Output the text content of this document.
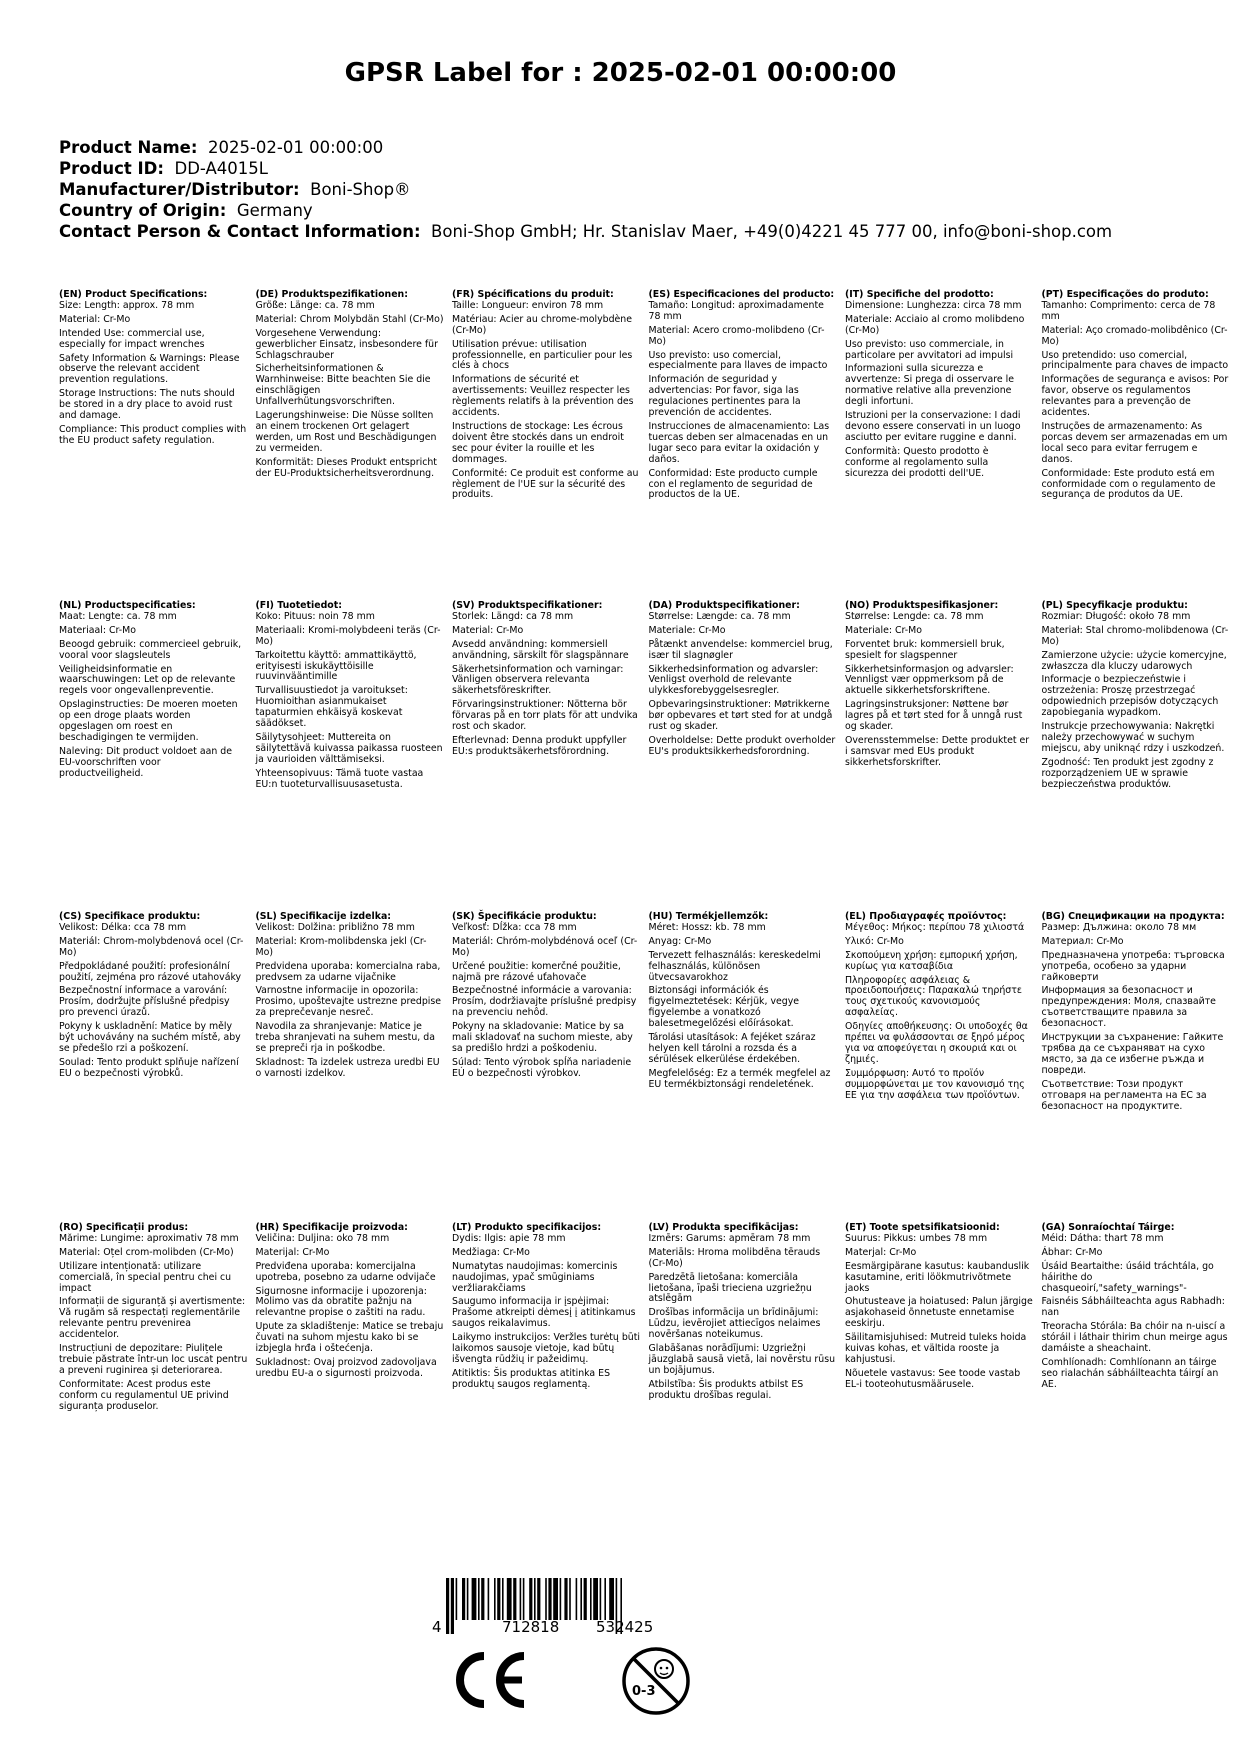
GPSR Label for : 2025-02-01 00:00:00
Product Name: 2025-02-01 00:00:00
Product ID: DD-A4015L
Manufacturer/Distributor: Boni-Shop®
Country of Origin: Germany
Contact Person & Contact Information: Boni-Shop GmbH; Hr. Stanislav Maer, +49(0)4221 45 777 00, info@boni-shop.com
(EN) Product Specifications:

Size: Length: approx. 78 mm

Material: Cr-Mo

Intended Use: commercial use, especially for impact wrenches

Safety Information & Warnings: Please observe the relevant accident prevention regulations.

Storage Instructions: The nuts should be stored in a dry place to avoid rust and damage.

Compliance: This product complies with the EU product safety regulation.

(DE) Produktspezifikationen:

Größe: Länge: ca. 78 mm

Material: Chrom Molybdän Stahl (Cr-Mo)

Vorgesehene Verwendung: gewerblicher Einsatz, insbesondere für Schlagschrauber

Sicherheitsinformationen & Warnhinweise: Bitte beachten Sie die einschlägigen Unfallverhütungsvorschriften.

Lagerungshinweise: Die Nüsse sollten an einem trockenen Ort gelagert werden, um Rost und Beschädigungen zu vermeiden.

Konformität: Dieses Produkt entspricht der EU-Produktsicherheitsverordnung.

(FR) Spécifications du produit:

Taille: Longueur: environ 78 mm

Matériau: Acier au chrome-molybdène (Cr-Mo)

Utilisation prévue: utilisation professionnelle, en particulier pour les clés à chocs

Informations de sécurité et avertissements: Veuillez respecter les règlements relatifs à la prévention des accidents.

Instructions de stockage: Les écrous doivent être stockés dans un endroit sec pour éviter la rouille et les dommages.

Conformité: Ce produit est conforme au règlement de l'UE sur la sécurité des produits.

(ES) Especificaciones del producto:

Tamaño: Longitud: aproximadamente 78 mm

Material: Acero cromo-molibdeno (Cr-Mo)

Uso previsto: uso comercial, especialmente para llaves de impacto

Información de seguridad y advertencias: Por favor, siga las regulaciones pertinentes para la prevención de accidentes.

Instrucciones de almacenamiento: Las tuercas deben ser almacenadas en un lugar seco para evitar la oxidación y daños.

Conformidad: Este producto cumple con el reglamento de seguridad de productos de la UE.

(IT) Specifiche del prodotto:

Dimensione: Lunghezza: circa 78 mm

Materiale: Acciaio al cromo molibdeno (Cr-Mo)

Uso previsto: uso commerciale, in particolare per avvitatori ad impulsi

Informazioni sulla sicurezza e avvertenze: Si prega di osservare le normative relative alla prevenzione degli infortuni.

Istruzioni per la conservazione: I dadi devono essere conservati in un luogo asciutto per evitare ruggine e danni.

Conformità: Questo prodotto è conforme al regolamento sulla sicurezza dei prodotti dell'UE.

(PT) Especificações do produto:

Tamanho: Comprimento: cerca de 78 mm

Material: Aço cromado-molibdênico (Cr-Mo)

Uso pretendido: uso comercial, principalmente para chaves de impacto

Informações de segurança e avisos: Por favor, observe os regulamentos relevantes para a prevenção de acidentes.

Instruções de armazenamento: As porcas devem ser armazenadas em um local seco para evitar ferrugem e danos.

Conformidade: Este produto está em conformidade com o regulamento de segurança de produtos da UE.

(NL) Productspecificaties:

Maat: Lengte: ca. 78 mm

Materiaal: Cr-Mo

Beoogd gebruik: commercieel gebruik, vooral voor slagsleutels

Veiligheidsinformatie en waarschuwingen: Let op de relevante regels voor ongevallenpreventie.

Opslaginstructies: De moeren moeten op een droge plaats worden opgeslagen om roest en beschadigingen te vermijden.

Naleving: Dit product voldoet aan de EU-voorschriften voor productveiligheid.

(FI) Tuotetiedot:

Koko: Pituus: noin 78 mm

Materiaali: Kromi-molybdeeni teräs (Cr-Mo)

Tarkoitettu käyttö: ammattikäyttö, erityisesti iskukäyttöisille ruuvinvääntimille

Turvallisuustiedot ja varoitukset: Huomioithan asianmukaiset tapaturmien ehkäisyä koskevat säädökset.

Säilytysohjeet: Muttereita on säilytettävä kuivassa paikassa ruosteen ja vaurioiden välttämiseksi.

Yhteensopivuus: Tämä tuote vastaa EU:n tuoteturvallisuusasetusta.

(SV) Produktspecifikationer:

Storlek: Längd: ca 78 mm

Material: Cr-Mo

Avsedd användning: kommersiell användning, särskilt för slagspännare

Säkerhetsinformation och varningar: Vänligen observera relevanta säkerhetsföreskrifter.

Förvaringsinstruktioner: Nötterna bör förvaras på en torr plats för att undvika rost och skador.

Efterlevnad: Denna produkt uppfyller EU:s produktsäkerhetsförordning.

(DA) Produktspecifikationer:

Størrelse: Længde: ca. 78 mm

Materiale: Cr-Mo

Påtænkt anvendelse: kommerciel brug, især til slagnøgler

Sikkerhedsinformation og advarsler: Venligst overhold de relevante ulykkesforebyggelsesregler.

Opbevaringsinstruktioner: Møtrikkerne bør opbevares et tørt sted for at undgå rust og skader.

Overholdelse: Dette produkt overholder EU's produktsikkerhedsforordning.

(NO) Produktspesifikasjoner:

Størrelse: Lengde: ca. 78 mm

Materiale: Cr-Mo

Forventet bruk: kommersiell bruk, spesielt for slagspenner

Sikkerhetsinformasjon og advarsler: Vennligst vær oppmerksom på de aktuelle sikkerhetsforskriftene.

Lagringsinstruksjoner: Nøttene bør lagres på et tørt sted for å unngå rust og skader.

Overensstemmelse: Dette produktet er i samsvar med EUs produkt sikkerhetsforskrifter.

(PL) Specyfikacje produktu:

Rozmiar: Długość: około 78 mm

Materiał: Stal chromo-molibdenowa (Cr-Mo)

Zamierzone użycie: użycie komercyjne, zwłaszcza dla kluczy udarowych

Informacje o bezpieczeństwie i ostrzeżenia: Proszę przestrzegać odpowiednich przepisów dotyczących zapobiegania wypadkom.

Instrukcje przechowywania: Nakrętki należy przechowywać w suchym miejscu, aby uniknąć rdzy i uszkodzeń.

Zgodność: Ten produkt jest zgodny z rozporządzeniem UE w sprawie bezpieczeństwa produktów.

(CS) Specifikace produktu:

Velikost: Délka: cca 78 mm

Materiál: Chrom-molybdenová ocel (Cr-Mo)

Předpokládané použití: profesionální použití, zejména pro rázové utahováky

Bezpečnostní informace a varování: Prosím, dodržujte příslušné předpisy pro prevenci úrazů.

Pokyny k uskladnění: Matice by měly být uchovávány na suchém místě, aby se předešlo rzi a poškození.

Soulad: Tento produkt splňuje nařízení EU o bezpečnosti výrobků.

(SL) Specifikacije izdelka:

Velikost: Dolžina: približno 78 mm

Material: Krom-molibdenska jekl (Cr-Mo)

Predvidena uporaba: komercialna raba, predvsem za udarne vijačnike

Varnostne informacije in opozorila: Prosimo, upoštevajte ustrezne predpise za preprečevanje nesreč.

Navodila za shranjevanje: Matice je treba shranjevati na suhem mestu, da se prepreči rja in poškodbe.

Skladnost: Ta izdelek ustreza uredbi EU o varnosti izdelkov.

(SK) Špecifikácie produktu:

Veľkosť: Dĺžka: cca 78 mm

Materiál: Chróm-molybdénová oceľ (Cr-Mo)

Určené použitie: komerčné použitie, najmä pre rázové uťahovače

Bezpečnostné informácie a varovania: Prosím, dodržiavajte príslušné predpisy na prevenciu nehôd.

Pokyny na skladovanie: Matice by sa mali skladovať na suchom mieste, aby sa predišlo hrdzi a poškodeniu.

Súlad: Tento výrobok spĺňa nariadenie EÚ o bezpečnosti výrobkov.

(HU) Termékjellemzők:

Méret: Hossz: kb. 78 mm

Anyag: Cr-Mo

Tervezett felhasználás: kereskedelmi felhasználás, különösen ütvecsavarokhoz

Biztonsági információk és figyelmeztetések: Kérjük, vegye figyelembe a vonatkozó balesetmegelőzési előírásokat.

Tárolási utasítások: A fejéket száraz helyen kell tárolni a rozsda és a sérülések elkerülése érdekében.

Megfelelőség: Ez a termék megfelel az EU termékbiztonsági rendeletének.

(EL) Προδιαγραφές προϊόντος:

Μέγεθος: Μήκος: περίπου 78 χιλιοστά

Υλικό: Cr-Mo

Σκοπούμενη χρήση: εμπορική χρήση, κυρίως για κατσαβίδια

Πληροφορίες ασφάλειας & προειδοποιήσεις: Παρακαλώ τηρήστε τους σχετικούς κανονισμούς ασφαλείας.

Οδηγίες αποθήκευσης: Οι υποδοχές θα πρέπει να φυλάσσονται σε ξηρό μέρος για να αποφεύγεται η σκουριά και οι ζημιές.

Συμμόρφωση: Αυτό το προϊόν συμμορφώνεται με τον κανονισμό της ΕΕ για την ασφάλεια των προϊόντων.

(BG) Спецификации на продукта:

Размер: Дължина: около 78 мм

Материал: Cr-Mo

Предназначена употреба: търговска употреба, особено за ударни гайковерти

Информация за безопасност и предупреждения: Моля, спазвайте съответстващите правила за безопасност.

Инструкции за съхранение: Гайките трябва да се съхраняват на сухо място, за да се избегне ръжда и повреди.

Съответствие: Този продукт отговаря на регламента на ЕС за безопасност на продуктите.

(RO) Specificații produs:

Mărime: Lungime: aproximativ 78 mm

Material: Oțel crom-molibden (Cr-Mo)

Utilizare intenționată: utilizare comercială, în special pentru chei cu impact

Informații de siguranță și avertismente: Vă rugăm să respectați reglementările relevante pentru prevenirea accidentelor.

Instrucțiuni de depozitare: Piulițele trebuie păstrate într-un loc uscat pentru a preveni ruginirea și deteriorarea.

Conformitate: Acest produs este conform cu regulamentul UE privind siguranța produselor.

(HR) Specifikacije proizvoda:

Veličina: Duljina: oko 78 mm

Materijal: Cr-Mo

Predviđena uporaba: komercijalna upotreba, posebno za udarne odvijače

Sigurnosne informacije i upozorenja: Molimo vas da obratite pažnju na relevantne propise o zaštiti na radu.

Upute za skladištenje: Matice se trebaju čuvati na suhom mjestu kako bi se izbjegla hrđa i oštećenja.

Sukladnost: Ovaj proizvod zadovoljava uredbu EU-a o sigurnosti proizvoda.

(LT) Produkto specifikacijos:

Dydis: Ilgis: apie 78 mm

Medžiaga: Cr-Mo

Numatytas naudojimas: komercinis naudojimas, ypač smūginiams veržliarakčiams

Saugumo informacija ir įspėjimai: Prašome atkreipti dėmesį į atitinkamus saugos reikalavimus.

Laikymo instrukcijos: Veržles turėtų būti laikomos sausoje vietoje, kad būtų išvengta rūdžių ir pažeidimų.

Atitiktis: Šis produktas atitinka ES produktų saugos reglamentą.

(LV) Produkta specifikācijas:

Izmērs: Garums: apmēram 78 mm

Materiāls: Hroma molibdēna tērauds (Cr-Mo)

Paredzētā lietošana: komerciāla lietošana, īpaši trieciena uzgriežņu atslēgām

Drošības informācija un brīdinājumi: Lūdzu, ievērojiet attiecīgos nelaimes novēršanas noteikumus.

Glabāšanas norādījumi: Uzgriežņi jāuzglabā sausā vietā, lai novērstu rūsu un bojājumus.

Atbilstība: Šis produkts atbilst ES produktu drošības regulai.

(ET) Toote spetsifikatsioonid:

Suurus: Pikkus: umbes 78 mm

Materjal: Cr-Mo

Eesmärgipärane kasutus: kaubanduslik kasutamine, eriti löökmutrivõtmete jaoks

Ohutusteave ja hoiatused: Palun järgige asjakohaseid õnnetuste ennetamise eeskirju.

Säilitamisjuhised: Mutreid tuleks hoida kuivas kohas, et vältida rooste ja kahjustusi.

Nõuetele vastavus: See toode vastab EL-i tooteohutusmäärusele.

(GA) Sonraíochtaí Táirge:

Méid: Dátha: thart 78 mm

Ábhar: Cr-Mo

Úsáid Beartaithe: úsáid tráchtála, go háirithe do chasqueoirí,"safety_warnings"-

Faisnéis Sábháilteachta agus Rabhadh: nan

Treoracha Stórála: Ba chóir na n-uiscí a stóráil i láthair thirim chun meirge agus damáiste a sheachaint.

Comhlíonadh: Comhlíonann an táirge seo rialachán sábháilteachta táirgí an AE.

4	712818 532425
0-3
